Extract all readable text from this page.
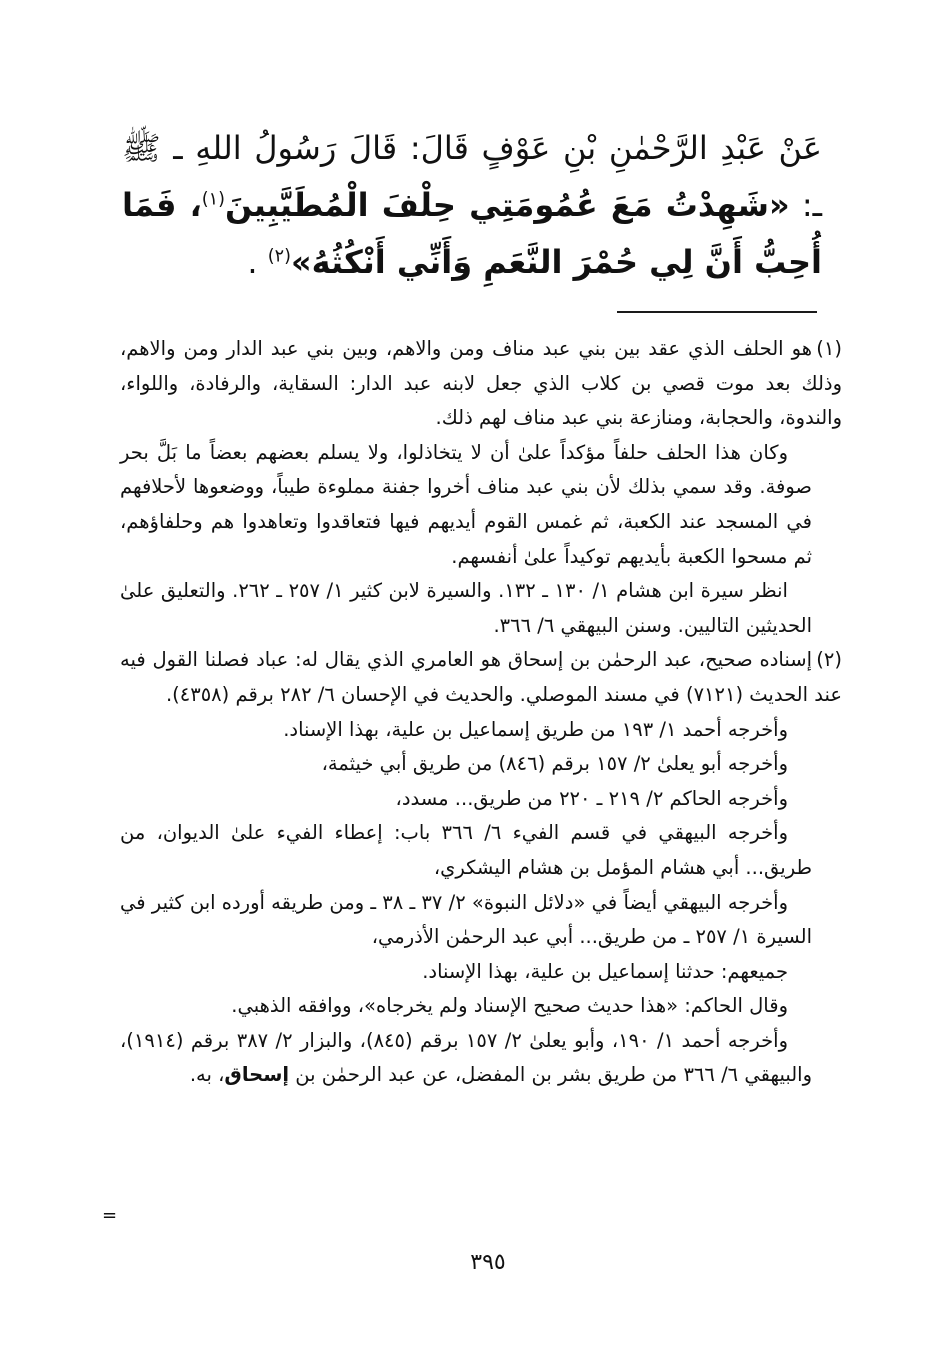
عَنْ عَبْدِ الرَّحْمٰنِ بْنِ عَوْفٍ قَالَ: قَالَ رَسُولُ اللهِ ـ ﷺ ـ: «شَهِدْتُ مَعَ عُمُومَتِي حِلْفَ الْمُطَيَّبِينَ$^{(١)}$، فَمَا أُحِبُّ أَنَّ لِي حُمْرَ النَّعَمِ وَأَنِّي أَنْكُثُهُ»$^{(٢)}$ .

(١)هو الحلف الذي عقد بين بني عبد مناف ومن والاهم، وبين بني عبد الدار ومن والاهم، وذلك بعد موت قصي بن كلاب الذي جعل لابنه عبد الدار: السقاية، والرفادة، واللواء، والندوة، والحجابة، ومنازعة بني عبد مناف لهم ذلك.

وكان هذا الحلف حلفاً مؤكداً علىٰ أن لا يتخاذلوا، ولا يسلم بعضهم بعضاً ما بَلَّ بحر صوفة. وقد سمي بذلك لأن بني عبد مناف أخروا جفنة مملوءة طيباً، ووضعوها لأحلافهم في المسجد عند الكعبة، ثم غمس القوم أيديهم فيها فتعاقدوا وتعاهدوا هم وحلفاؤهم، ثم مسحوا الكعبة بأيديهم توكيداً علىٰ أنفسهم.

انظر سيرة ابن هشام ١/ ١٣٠ ـ ١٣٢. والسيرة لابن كثير ١/ ٢٥٧ ـ ٢٦٢. والتعليق علىٰ الحديثين التاليين. وسنن البيهقي ٦/ ٣٦٦.

(٢)إسناده صحيح، عبد الرحمٰن بن إسحاق هو العامري الذي يقال له: عباد فصلنا القول فيه عند الحديث (٧١٢١) في مسند الموصلي. والحديث في الإحسان ٦/ ٢٨٢ برقم (٤٣٥٨).

وأخرجه أحمد ١/ ١٩٣ من طريق إسماعيل بن علية، بهذا الإسناد.

وأخرجه أبو يعلىٰ ٢/ ١٥٧ برقم (٨٤٦) من طريق أبي خيثمة،

وأخرجه الحاكم ٢/ ٢١٩ ـ ٢٢٠ من طريق... مسدد،

وأخرجه البيهقي في قسم الفيء ٦/ ٣٦٦ باب: إعطاء الفيء علىٰ الديوان، من طريق... أبي هشام المؤمل بن هشام اليشكري،

وأخرجه البيهقي أيضاً في «دلائل النبوة» ٢/ ٣٧ ـ ٣٨ ـ ومن طريقه أورده ابن كثير في السيرة ١/ ٢٥٧ ـ من طريق... أبي عبد الرحمٰن الأذرمي،

جميعهم: حدثنا إسماعيل بن علية، بهذا الإسناد.

وقال الحاكم: «هذا حديث صحيح الإسناد ولم يخرجاه»، ووافقه الذهبي.

وأخرجه أحمد ١/ ١٩٠، وأبو يعلىٰ ٢/ ١٥٧ برقم (٨٤٥)، والبزار ٢/ ٣٨٧ برقم (١٩١٤)، والبيهقي ٦/ ٣٦٦ من طريق بشر بن المفضل، عن عبد الرحمٰن بن إسحاق، به.

=
٣٩٥
